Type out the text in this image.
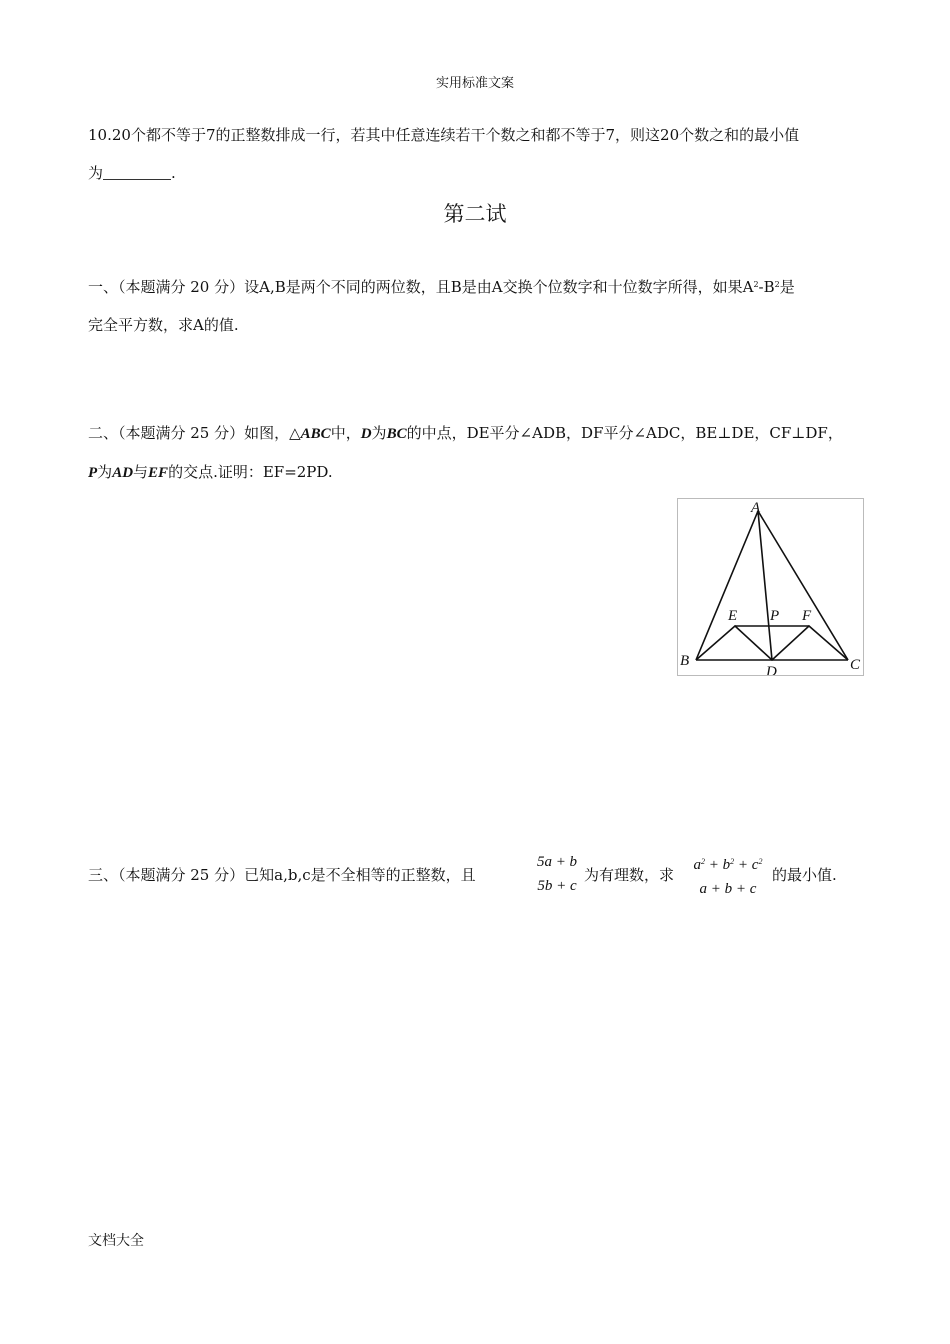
实用标准文案
10.20个都不等于7的正整数排成一行，若其中任意连续若干个数之和都不等于7，则这20个数之和的最小值
为	.
第二试
一、（本题满分 20 分）设A,B是两个不同的两位数，且B是由A交换个位数字和十位数字所得，如果$A^2-B^2$是
完全平方数，求A的值.
二、（本题满分 25 分）如图，△ABC中，D为BC的中点，DE平分∠ADB，DF平分∠ADC，BE⊥DE，CF⊥DF，
P为AD与EF的交点.证明：EF=2PD.
A
B	C
D
E	F
P
三、（本题满分 25 分）已知a,b,c是不全相等的正整数，且
5a + b
5b + c
为有理数，求
$a^2 + b^2 + c^2$
a + b + c
的最小值.
文档大全
